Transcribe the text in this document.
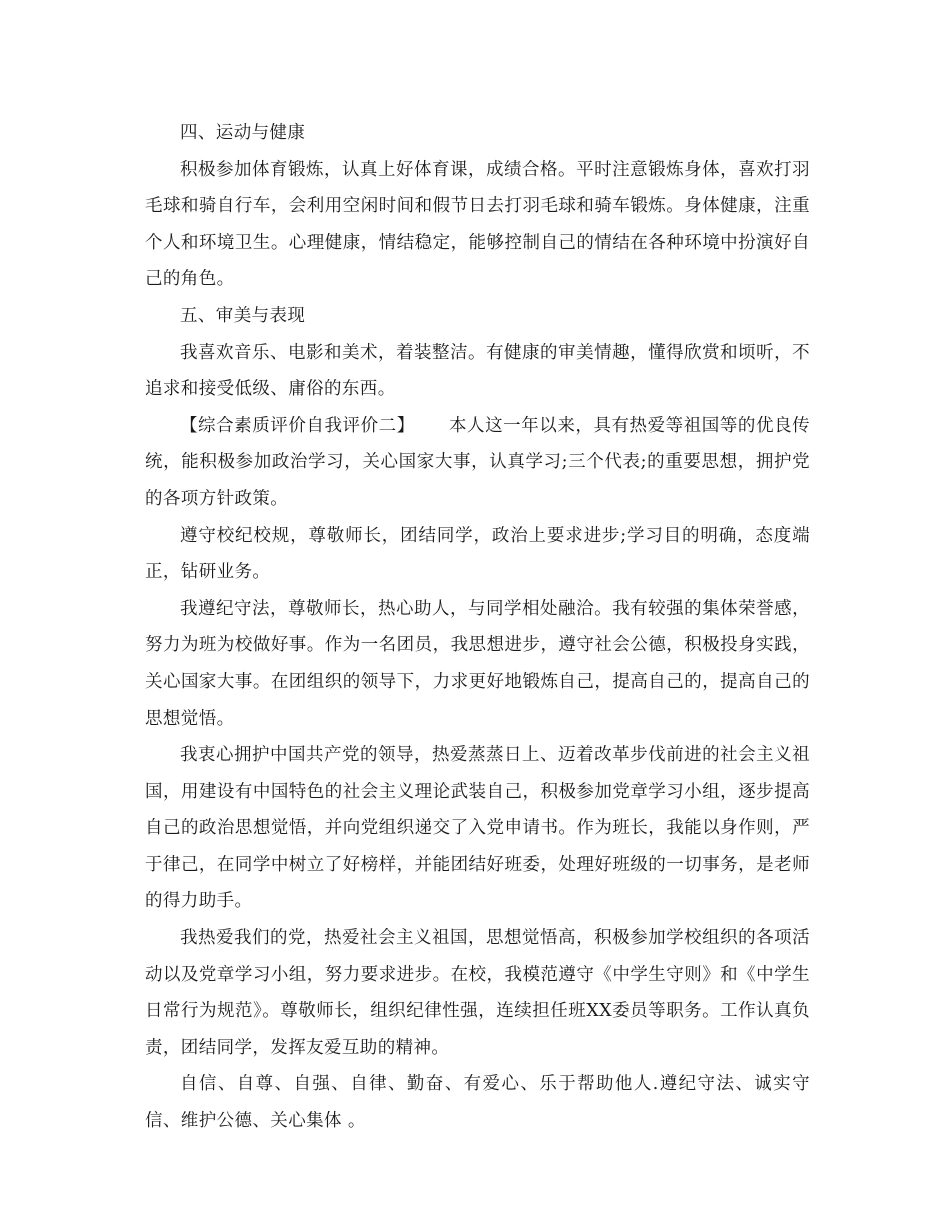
四、运动与健康

积极参加体育锻炼，认真上好体育课，成绩合格。平时注意锻炼身体，喜欢打羽毛球和骑自行车，会利用空闲时间和假节日去打羽毛球和骑车锻炼。身体健康，注重个人和环境卫生。心理健康，情结稳定，能够控制自己的情结在各种环境中扮演好自己的角色。

五、审美与表现

我喜欢音乐、电影和美术，着装整洁。有健康的审美情趣，懂得欣赏和顷听，不追求和接受低级、庸俗的东西。

【综合素质评价自我评价二】 本人这一年以来，具有热爱等祖国等的优良传统，能积极参加政治学习，关心国家大事，认真学习;三个代表;的重要思想，拥护党的各项方针政策。

遵守校纪校规，尊敬师长，团结同学，政治上要求进步;学习目的明确，态度端正，钻研业务。

我遵纪守法，尊敬师长，热心助人，与同学相处融洽。我有较强的集体荣誉感，努力为班为校做好事。作为一名团员，我思想进步，遵守社会公德，积极投身实践，关心国家大事。在团组织的领导下，力求更好地锻炼自己，提高自己的，提高自己的思想觉悟。

我衷心拥护中国共产党的领导，热爱蒸蒸日上、迈着改革步伐前进的社会主义祖国，用建设有中国特色的社会主义理论武装自己，积极参加党章学习小组，逐步提高自己的政治思想觉悟，并向党组织递交了入党申请书。作为班长，我能以身作则，严于律己，在同学中树立了好榜样，并能团结好班委，处理好班级的一切事务，是老师的得力助手。

我热爱我们的党，热爱社会主义祖国，思想觉悟高，积极参加学校组织的各项活动以及党章学习小组，努力要求进步。在校，我模范遵守《中学生守则》和《中学生日常行为规范》。尊敬师长，组织纪律性强，连续担任班XX委员等职务。工作认真负责，团结同学，发挥友爱互助的精神。

自信、自尊、自强、自律、勤奋、有爱心、乐于帮助他人.遵纪守法、诚实守信、维护公德、关心集体 。
